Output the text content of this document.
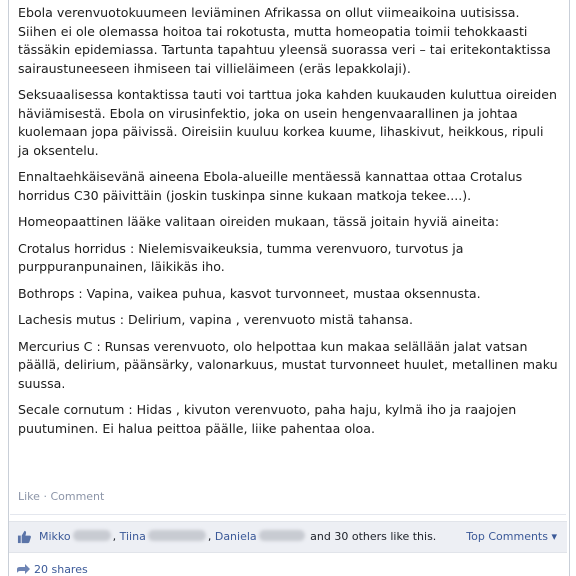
Ebola verenvuotokuumeen leviäminen Afrikassa on ollut viimeaikoina uutisissa. Siihen ei ole olemassa hoitoa tai rokotusta, mutta homeopatia toimii tehokkaasti tässäkin epidemiassa. Tartunta tapahtuu yleensä suorassa veri – tai eritekontaktissa sairaustuneeseen ihmiseen tai villieläimeen (eräs lepakkolaji).

Seksuaalisessa kontaktissa tauti voi tarttua joka kahden kuukauden kuluttua oireiden häviämisestä. Ebola on virusinfektio, joka on usein hengenvaarallinen ja johtaa kuolemaan jopa päivissä. Oireisiin kuuluu korkea kuume, lihaskivut, heikkous, ripuli ja oksentelu.

Ennaltaehkäisevänä aineena Ebola-alueille mentäessä kannattaa ottaa Crotalus horridus C30 päivittäin (joskin tuskinpa sinne kukaan matkoja tekee....).

Homeopaattinen lääke valitaan oireiden mukaan, tässä joitain hyviä aineita:

Crotalus horridus : Nielemisvaikeuksia, tumma verenvuoro, turvotus ja purppuranpunainen, läikikäs iho.

Bothrops : Vapina, vaikea puhua, kasvot turvonneet, mustaa oksennusta.

Lachesis mutus : Delirium, vapina , verenvuoto mistä tahansa.

Mercurius C : Runsas verenvuoto, olo helpottaa kun makaa selällään jalat vatsan päällä, delirium, päänsärky, valonarkuus, mustat turvonneet huulet, metallinen maku suussa.

Secale cornutum : Hidas , kivuton verenvuoto, paha haju, kylmä iho ja raajojen puutuminen. Ei halua peittoa päälle, liike pahentaa oloa.

Like · Comment
Mikko	, Tiina	, Daniela	and 30 others like this.	Top Comments ▾
20 shares
